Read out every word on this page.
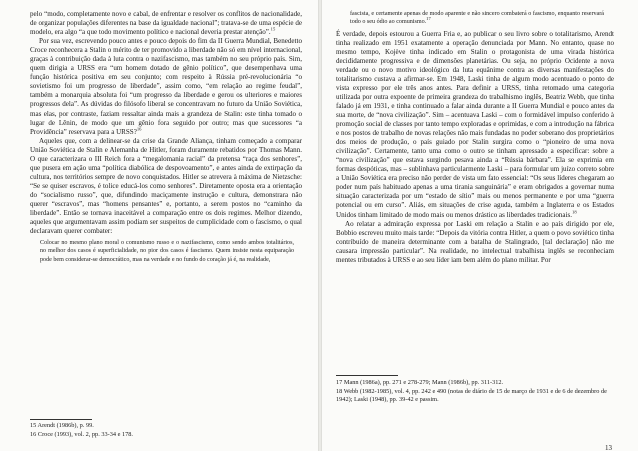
pelo “modo, completamente novo e cabal, de enfrentar e resolver os conflitos de nacionalidade, de organizar populações diferentes na base da igualdade nacional”; tratava-se de uma espécie de modelo, era algo “a que todo movimento político e nacional deveria prestar atenção”.$^{15}$

Por sua vez, escrevendo pouco antes e pouco depois do fim da II Guerra Mundial, Benedetto Croce reconhecera a Stalin o mérito de ter promovido a liberdade não só em nível internacional, graças à contribuição dada à luta contra o nazifascismo, mas também no seu próprio país. Sim, quem dirigia a URSS era “um homem dotado de gênio político”, que desempenhava uma função histórica positiva em seu conjunto; com respeito à Rússia pré-revolucionária “o sovietismo foi um progresso de liberdade”, assim como, “em relação ao regime feudal”, também a monarquia absoluta foi “um progresso da liberdade e gerou os ulteriores e maiores progressos dela”. As dúvidas do filósofo liberal se concentravam no futuro da União Soviética, mas elas, por contraste, faziam ressaltar ainda mais a grandeza de Stalin: este tinha tomado o lugar de Lênin, de modo que um gênio fora seguido por outro; mas que sucessores “a Providência” reservava para a URSS?$^{16}$

Aqueles que, com a delinear-se da crise da Grande Aliança, tinham começado a comparar União Soviética de Stalin e Alemanha de Hitler, foram duramente rebatidos por Thomas Mann. O que caracterizara o III Reich fora a “megalomania racial” da pretensa “raça dos senhores”, que pusera em ação uma “política diabólica de despovoamento”, e antes ainda de extirpação da cultura, nos territórios sempre de novo conquistados. Hitler se atrevera à máxima de Nietzsche: “Se se quiser escravos, é tolice educá-los como senhores”. Diretamente oposta era a orientação do “socialismo russo”, que, difundindo maciçamente instrução e cultura, demonstrara não querer “escravos”, mas “homens pensantes” e, portanto, a serem postos no “caminho da liberdade”. Então se tornava inaceitável a comparação entre os dois regimes. Melhor dizendo, aqueles que argumentavam assim podiam ser suspeitos de cumplicidade com o fascismo, o qual declaravam querer combater:

Colocar no mesmo plano moral o comunismo russo e o nazifascismo, como sendo ambos totalitários, no melhor dos casos é superficialidade, no pior dos casos é fascismo. Quem insiste nesta equiparação pode bem considerar-se democrático, mas na verdade e no fundo do coração já é, na realidade,

15 Arendt (1986b), p. 99.

16 Croce (1993), vol. 2, pp. 33-34 e 178.

fascista, e certamente apenas de modo aparente e não sincero combaterá o fascismo, enquanto reservará todo o seu ódio ao comunismo.$^{17}$

É verdade, depois estourou a Guerra Fria e, ao publicar o seu livro sobre o totalitarismo, Arendt tinha realizado em 1951 exatamente a operação denunciada por Mann. No entanto, quase no mesmo tempo, Kojève tinha indicado em Stalin o protagonista de uma virada histórica decididamente progressiva e de dimensões planetárias. Ou seja, no próprio Ocidente a nova verdade ou o novo motivo ideológico da luta equânime contra as diversas manifestações do totalitarismo custava a afirmar-se. Em 1948, Laski tinha de algum modo acentuado o ponto de vista expresso por ele três anos antes. Para definir a URSS, tinha retomado uma categoria utilizada por outra expoente de primeira grandeza do trabalhismo inglês, Beatriz Webb, que tinha falado já em 1931, e tinha continuado a falar ainda durante a II Guerra Mundial e pouco antes da sua morte, de “nova civilização”. Sim – acentuava Laski – com o formidável impulso conferido à promoção social de classes por tanto tempo exploradas e oprimidas, e com a introdução na fábrica e nos postos de trabalho de novas relações não mais fundadas no poder soberano dos proprietários dos meios de produção, o país guiado por Stalin surgira como o “pioneiro de uma nova civilização”. Certamente, tanto uma como o outro se tinham apressado a especificar: sobre a “nova civilização” que estava surgindo pesava ainda a “Rússia bárbara”. Ela se exprimia em formas despóticas, mas – sublinhava particularmente Laski – para formular um juízo correto sobre a União Soviética era preciso não perder de vista um fato essencial: “Os seus líderes chegaram ao poder num país habituado apenas a uma tirania sanguinária” e eram obrigados a governar numa situação caracterizada por um “estado de sítio” mais ou menos permanente e por uma “guerra potencial ou em curso”. Aliás, em situações de crise aguda, também a Inglaterra e os Estados Unidos tinham limitado de modo mais ou menos drástico as liberdades tradicionais.$^{18}$

Ao relatar a admiração expressa por Laski em relação a Stalin e ao país dirigido por ele, Bobbio escreveu muito mais tarde: “Depois da vitória contra Hitler, a quem o povo soviético tinha contribuído de maneira determinante com a batalha de Stalingrado, [tal declaração] não me causara impressão particular”. Na realidade, no intelectual trabalhista inglês se reconheciam mentes tributados à URSS e ao seu líder iam bem além do plano militar. Por

17 Mann (1986a), pp. 271 e 278-279; Mann (1986b), pp. 311-312.

18 Webb (1982-1985), vol. 4, pp. 242 e 490 (notas de diário de 15 de março de 1931 e de 6 de dezembro de 1942); Laski (1948), pp. 39-42 e passim.

13
